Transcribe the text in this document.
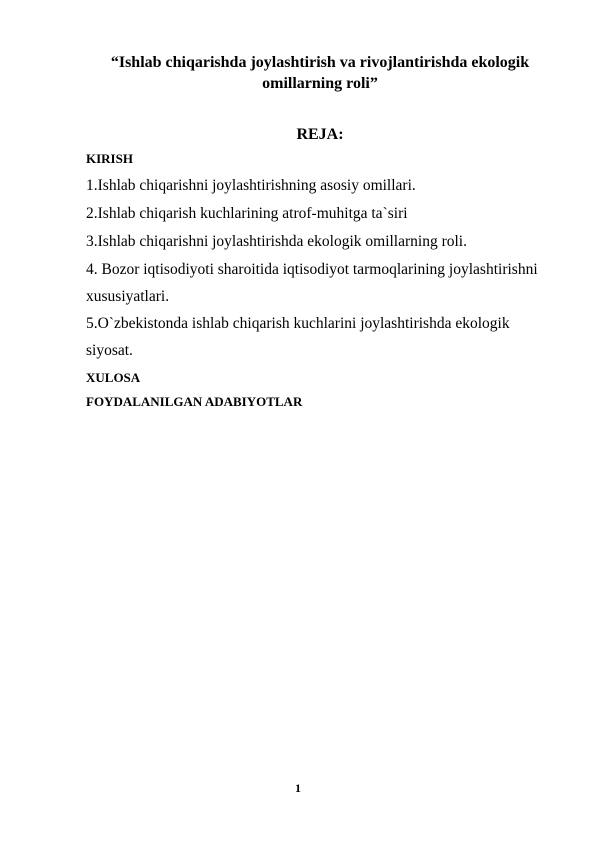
“Ishlab chiqarishda joylashtirish va rivojlantirishda ekologik
omillarning roli”
REJA:
KIRISH
1.Ishlab chiqarishni joylashtirishning asosiy omillari.
2.Ishlab chiqarish kuchlarining atrof-muhitga ta`siri
3.Ishlab chiqarishni joylashtirishda ekologik omillarning roli.
4. Bozor iqtisodiyoti sharoitida iqtisodiyot tarmoqlarining joylashtirishni
xususiyatlari.
5.O`zbekistonda ishlab chiqarish kuchlarini joylashtirishda ekologik
siyosat.
XULOSA
FOYDALANILGAN ADABIYOTLAR
1
